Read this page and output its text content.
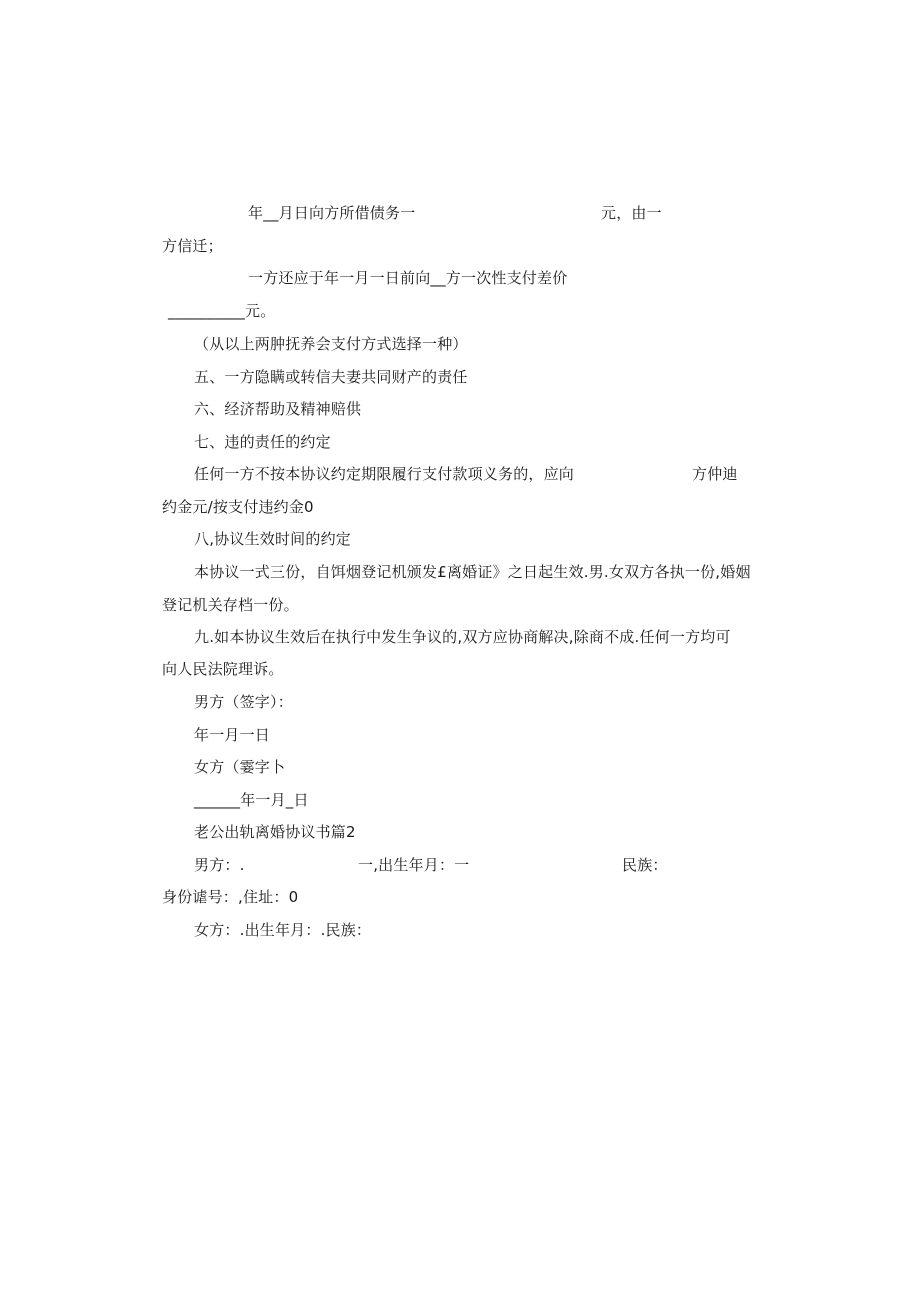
年__月日向方所借债务一	元，由一
方信迁；
一方还应于年一月一日前向__方一次性支付差价
__________元。
（从以上两肿抚养会支付方式选择一种）
五、一方隐瞒或转信夫妻共同财产的责任
六、经济帮助及精神赔供
七、违的责任的约定
任何一方不按本协议约定期限履行支付款项义务的，应向	方仲迪
约金元/按支付违约金0
八,协议生效时间的约定
本协议一式三份，自饵烟登记机颁发£离婚证》之日起生效.男.女双方各执一份,婚姻
登记机关存档一份。
九.如本协议生效后在执行中发生争议的,双方应协商解决,除商不成.任何一方均可
向人民法院理诉。
男方（签字）：
年一月一日
女方（霎字卜
______年一月_日
老公出轨离婚协议书篇2
男方：.	一,出生年月：一	民族：
身份谑号：,住址：0
女方：.出生年月：.民族：
